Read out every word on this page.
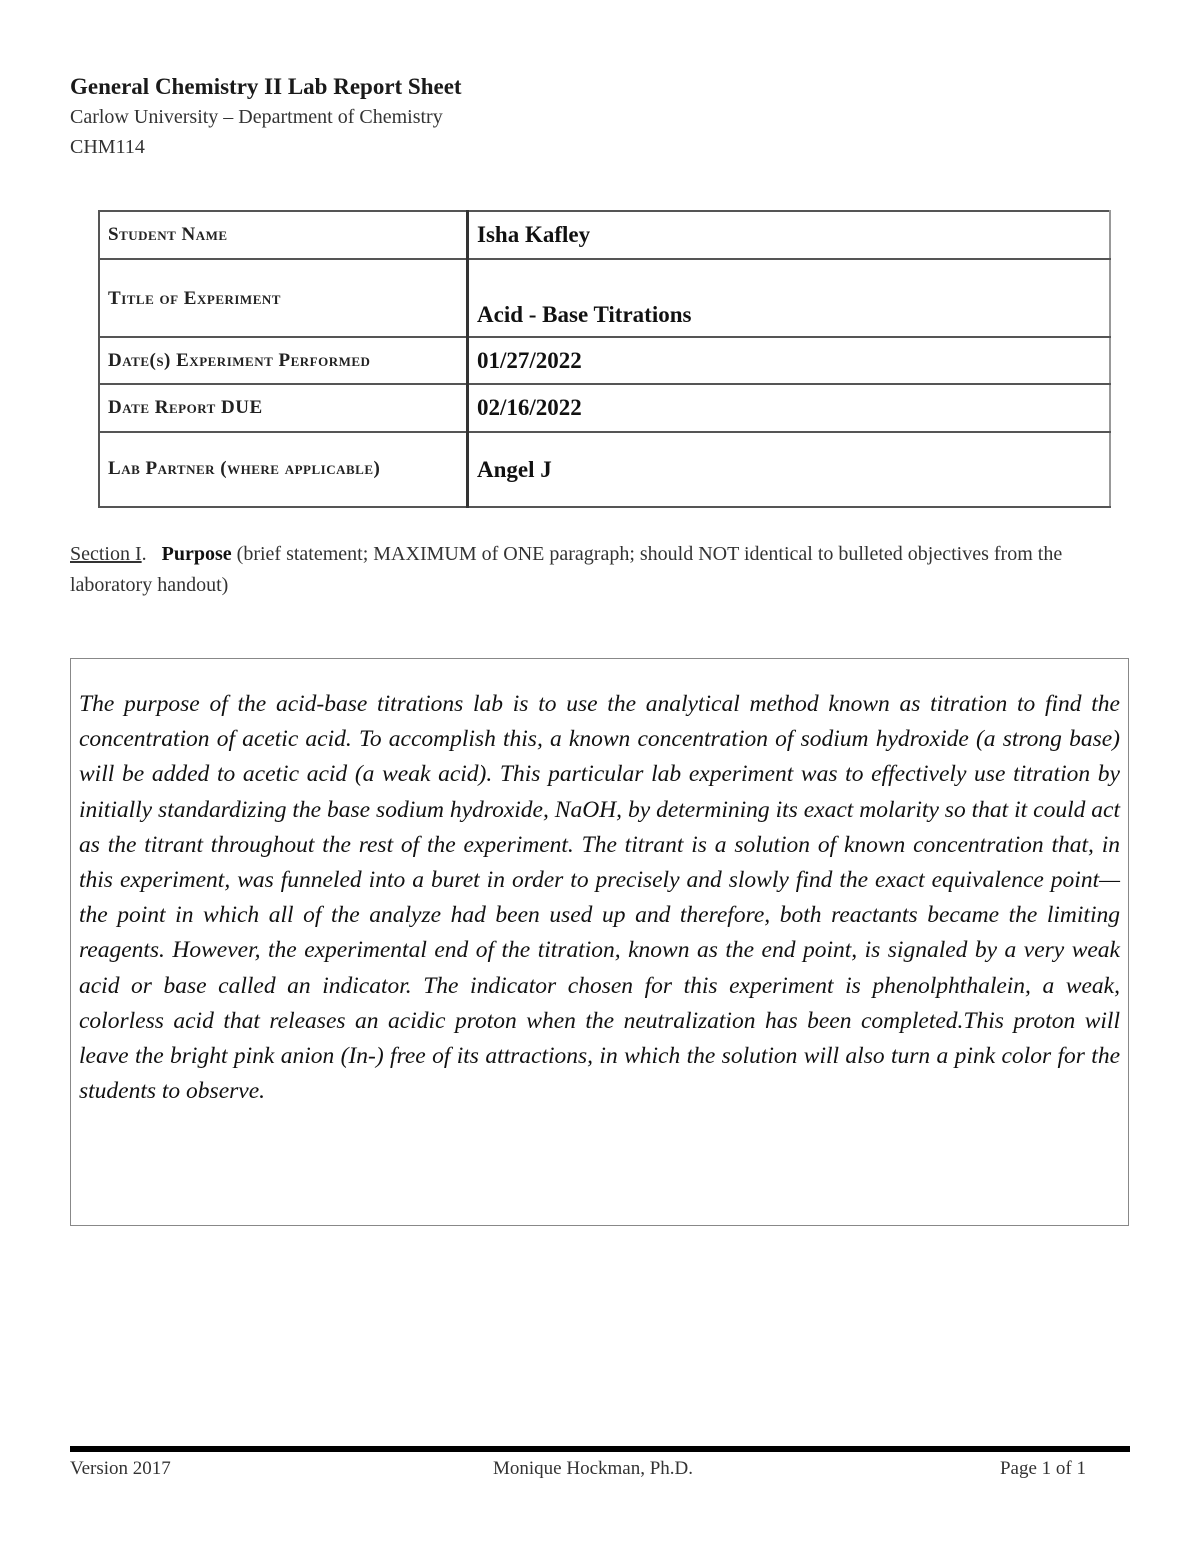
General Chemistry II Lab Report Sheet
Carlow University – Department of Chemistry
CHM114
Student Name	Isha Kafley
Title of Experiment	Acid - Base Titrations
Date(s) Experiment Performed	01/27/2022
Date Report DUE	02/16/2022
Lab Partner (where applicable)	Angel J
Section I.   Purpose (brief statement; MAXIMUM of ONE paragraph; should NOT identical to bulleted objectives from the laboratory handout)
The purpose of the acid-base titrations lab is to use the analytical method known as titration to find the concentration of acetic acid. To accomplish this, a known concentration of sodium hydroxide (a strong base) will be added to acetic acid (a weak acid). This particular lab experiment was to effectively use titration by initially standardizing the base sodium hydroxide, NaOH, by determining its exact molarity so that it could act as the titrant throughout the rest of the experiment. The titrant is a solution of known concentration that, in this experiment, was funneled into a buret in order to precisely and slowly find the exact equivalence point—the point in which all of the analyze had been used up and therefore, both reactants became the limiting reagents. However, the experimental end of the titration, known as the end point, is signaled by a very weak acid or base called an indicator. The indicator chosen for this experiment is phenolphthalein, a weak, colorless acid that releases an acidic proton when the neutralization has been completed.This proton will leave the bright pink anion (In-) free of its attractions, in which the solution will also turn a pink color for the students to observe.
Version 2017	Monique Hockman, Ph.D.	Page 1 of 1
